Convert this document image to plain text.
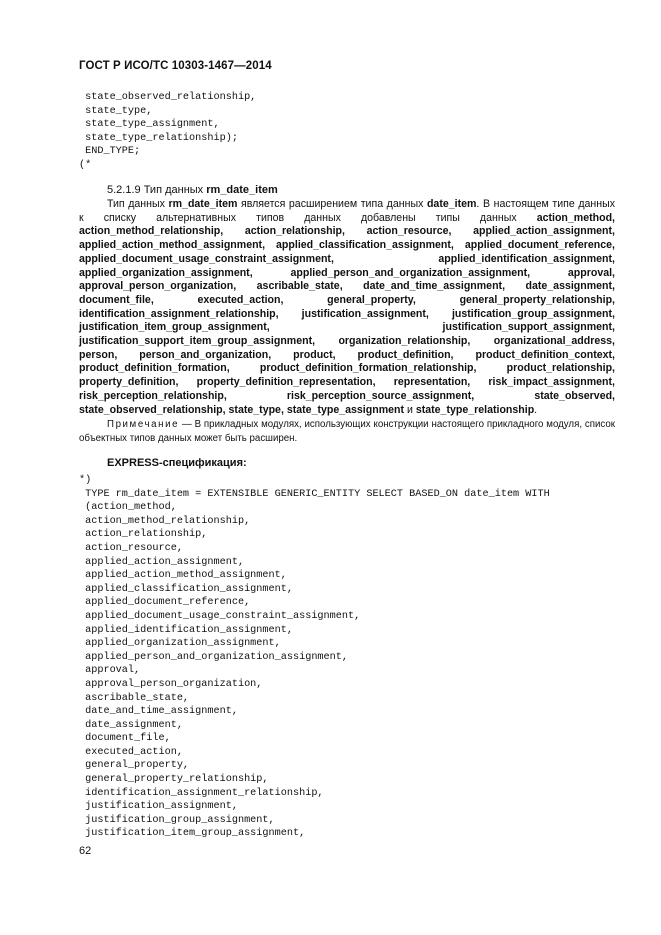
ГОСТ Р ИСО/ТС 10303-1467—2014
state_observed_relationship,
state_type,
state_type_assignment,
state_type_relationship);
END_TYPE;
(*
5.2.1.9 Тип данных rm_date_item
Тип данных rm_date_item является расширением типа данных date_item. В настоящем типе данных к списку альтернативных типов данных добавлены типы данных action_method, action_method_relationship, action_relationship, action_resource, applied_action_assignment, applied_action_method_assignment, applied_classification_assignment, applied_document_reference, applied_document_usage_constraint_assignment, applied_identification_assignment, applied_organization_assignment, applied_person_and_organization_assignment, approval, approval_person_organization, ascribable_state, date_and_time_assignment, date_assignment, document_file, executed_action, general_property, general_property_relationship, identification_assignment_relationship, justification_assignment, justification_group_assignment, justification_item_group_assignment, justification_support_assignment, justification_support_item_group_assignment, organization_relationship, organizational_address, person, person_and_organization, product, product_definition, product_definition_context, product_definition_formation, product_definition_formation_relationship, product_relationship, property_definition, property_definition_representation, representation, risk_impact_assignment, risk_perception_relationship, risk_perception_source_assignment, state_observed, state_observed_relationship, state_type, state_type_assignment и state_type_relationship.
Примечание — В прикладных модулях, использующих конструкции настоящего прикладного модуля, список объектных типов данных может быть расширен.
EXPRESS-спецификация:
*)
TYPE rm_date_item = EXTENSIBLE GENERIC_ENTITY SELECT BASED_ON date_item WITH
(action_method,
action_method_relationship,
action_relationship,
action_resource,
applied_action_assignment,
applied_action_method_assignment,
applied_classification_assignment,
applied_document_reference,
applied_document_usage_constraint_assignment,
applied_identification_assignment,
applied_organization_assignment,
applied_person_and_organization_assignment,
approval,
approval_person_organization,
ascribable_state,
date_and_time_assignment,
date_assignment,
document_file,
executed_action,
general_property,
general_property_relationship,
identification_assignment_relationship,
justification_assignment,
justification_group_assignment,
justification_item_group_assignment,
62
